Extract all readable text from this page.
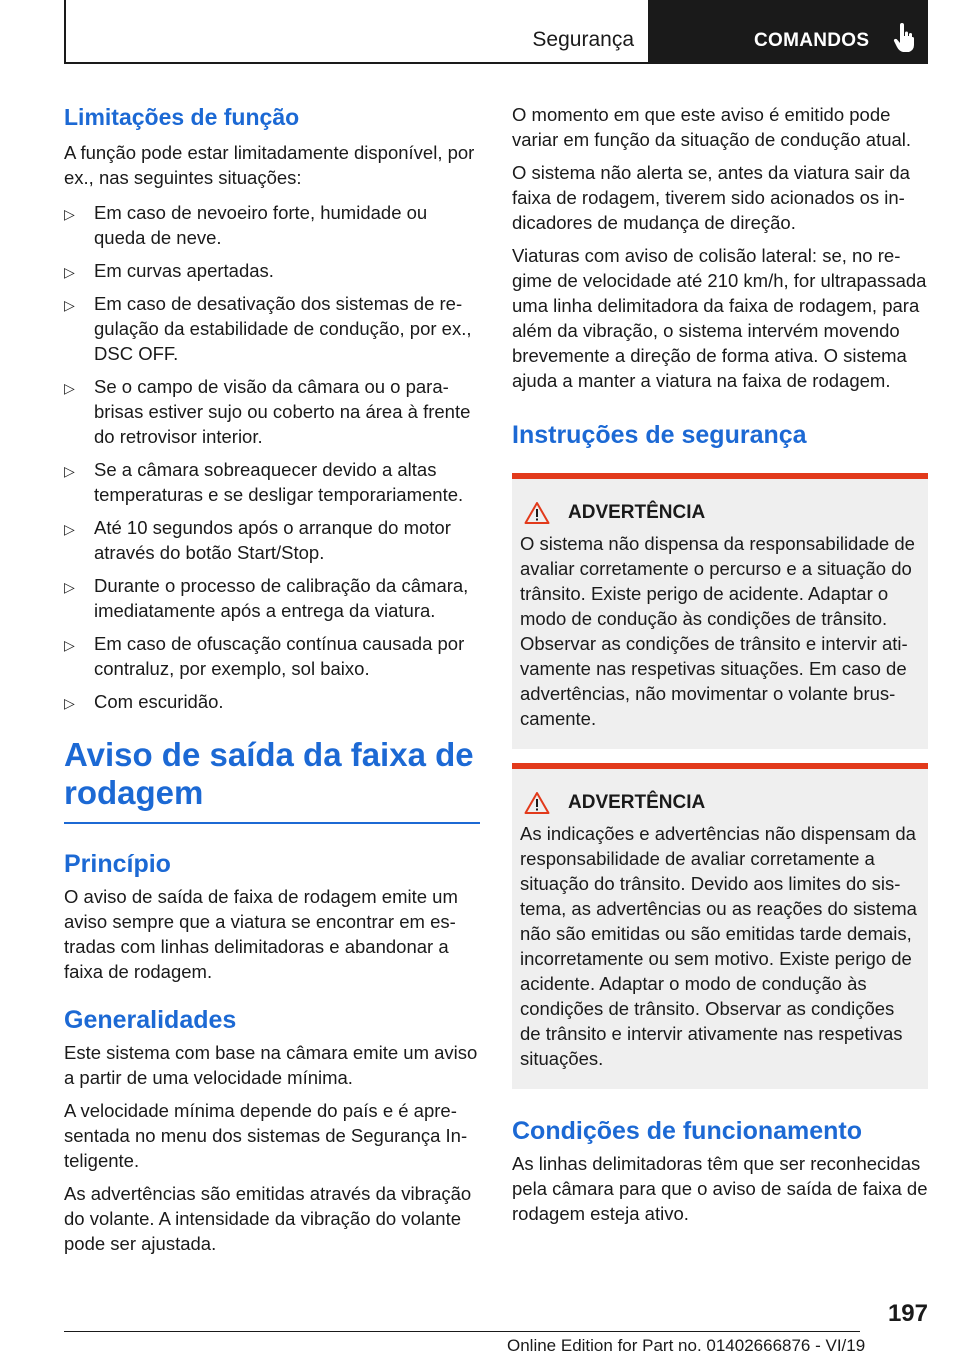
Segurança	COMANDOS
Limitações de função

A função pode estar limitadamente disponível, por ex., nas seguintes situações:

▷ Em caso de nevoeiro forte, humidade ou queda de neve.
▷ Em curvas apertadas.
▷ Em caso de desativação dos sistemas de regulação da estabilidade de condução, por ex., DSC OFF.
▷ Se o campo de visão da câmara ou o para-brisas estiver sujo ou coberto na área à frente do retrovisor interior.
▷ Se a câmara sobreaquecer devido a altas temperaturas e se desligar temporariamente.
▷ Até 10 segundos após o arranque do motor através do botão Start/Stop.
▷ Durante o processo de calibração da câmara, imediatamente após a entrega da viatura.
▷ Em caso de ofuscação contínua causada por contraluz, por exemplo, sol baixo.
▷ Com escuridão.
Aviso de saída da faixa de rodagem
Princípio

O aviso de saída de faixa de rodagem emite um aviso sempre que a viatura se encontrar em estradas com linhas delimitadoras e abandonar a faixa de rodagem.

Generalidades

Este sistema com base na câmara emite um aviso a partir de uma velocidade mínima.

A velocidade mínima depende do país e é apresentada no menu dos sistemas de Segurança Inteligente.

As advertências são emitidas através da vibração do volante. A intensidade da vibração do volante pode ser ajustada.

O momento em que este aviso é emitido pode variar em função da situação de condução atual.

O sistema não alerta se, antes da viatura sair da faixa de rodagem, tiverem sido acionados os indicadores de mudança de direção.

Viaturas com aviso de colisão lateral: se, no regime de velocidade até 210 km/h, for ultrapassada uma linha delimitadora da faixa de rodagem, para além da vibração, o sistema intervém movendo brevemente a direção de forma ativa. O sistema ajuda a manter a viatura na faixa de rodagem.

Instruções de segurança
ADVERTÊNCIA

O sistema não dispensa da responsabilidade de avaliar corretamente o percurso e a situação do trânsito. Existe perigo de acidente. Adaptar o modo de condução às condições de trânsito. Observar as condições de trânsito e intervir ativamente nas respetivas situações. Em caso de advertências, não movimentar o volante bruscamente.

ADVERTÊNCIA

As indicações e advertências não dispensam da responsabilidade de avaliar corretamente a situação do trânsito. Devido aos limites do sistema, as advertências ou as reações do sistema não são emitidas ou são emitidas tarde demais, incorretamente ou sem motivo. Existe perigo de acidente. Adaptar o modo de condução às condições de trânsito. Observar as condições de trânsito e intervir ativamente nas respetivas situações.

Condições de funcionamento

As linhas delimitadoras têm que ser reconhecidas pela câmara para que o aviso de saída de faixa de rodagem esteja ativo.

197
Online Edition for Part no. 01402666876 - VI/19
